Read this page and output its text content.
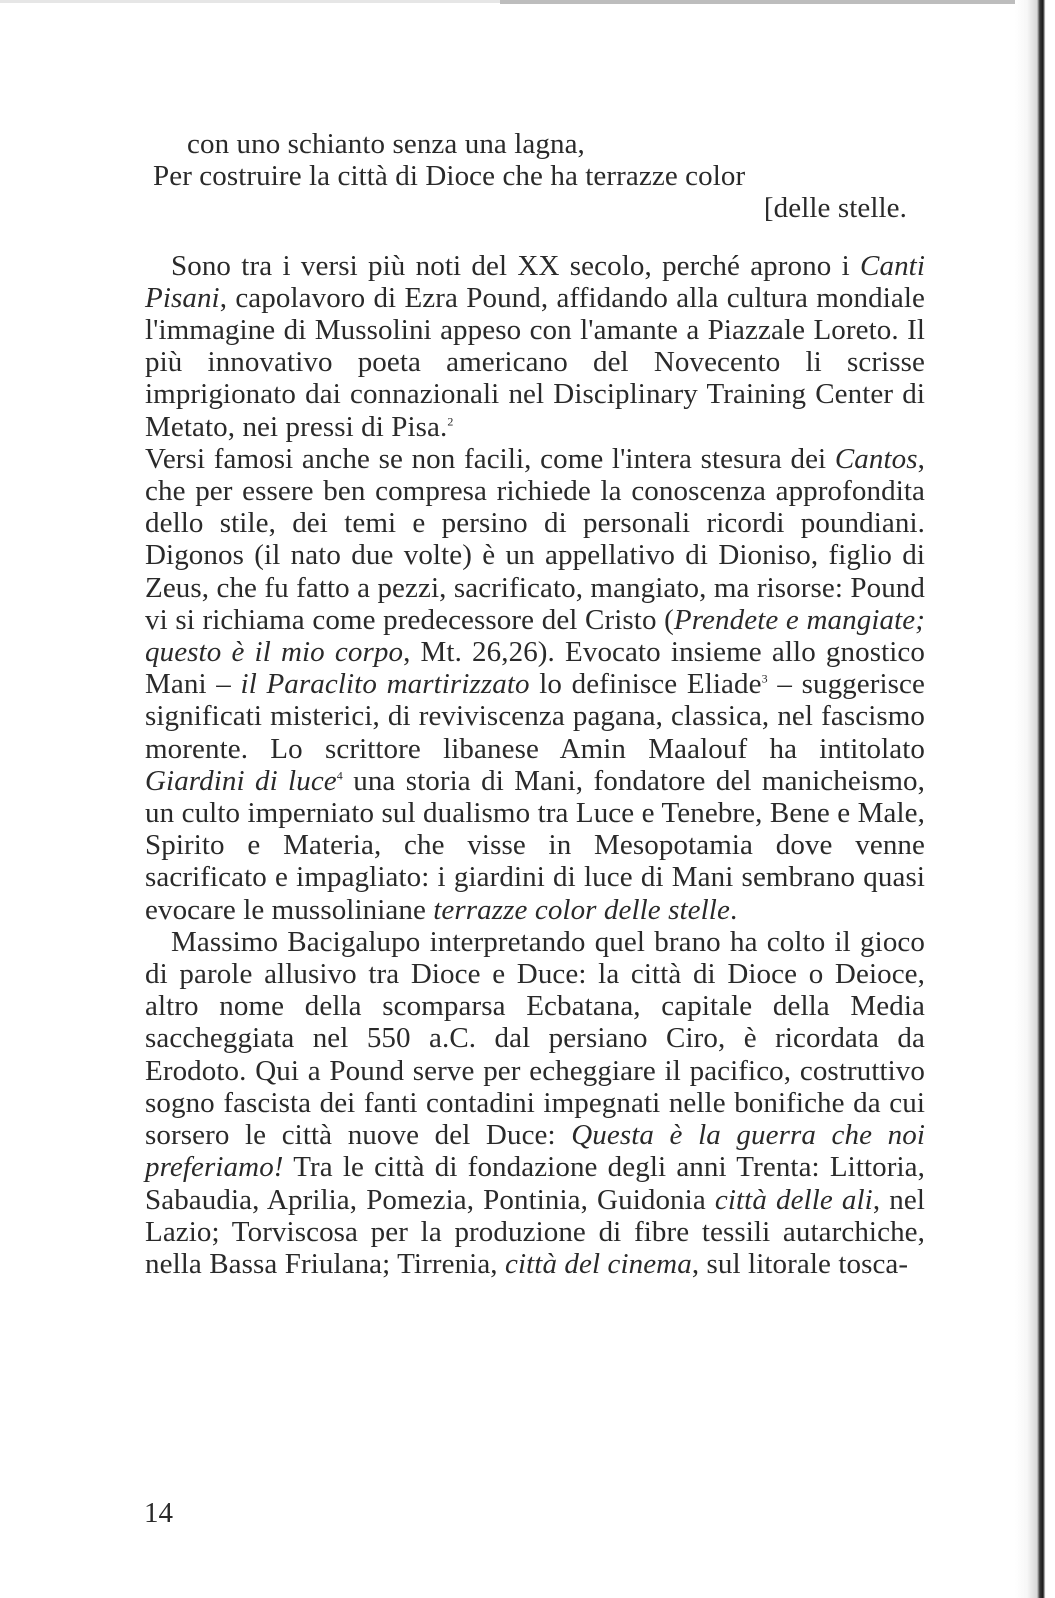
con uno schianto senza una lagna,
Per costruire la città di Dioce che ha terrazze color
[delle stelle.

Sono tra i versi più noti del XX secolo, perché aprono i Canti Pisani, capolavoro di Ezra Pound, affidando alla cultura mondiale l'immagine di Mussolini appeso con l'amante a Piazzale Loreto. Il più innovativo poeta americano del Novecento li scrisse imprigionato dai connazionali nel Disciplinary Training Center di Metato, nei pressi di Pisa.$^2$

Versi famosi anche se non facili, come l'intera stesura dei Cantos, che per essere ben compresa richiede la conoscenza approfondita dello stile, dei temi e persino di personali ricordi poundiani. Digonos (il nato due volte) è un appellativo di Dioniso, figlio di Zeus, che fu fatto a pezzi, sacrificato, mangiato, ma risorse: Pound vi si richiama come predecessore del Cristo (Prendete e mangiate; questo è il mio corpo, Mt. 26,26). Evocato insieme allo gnostico Mani – il Paraclito martirizzato lo definisce Eliade$^3$ – suggerisce significati misterici, di reviviscenza pagana, classica, nel fascismo morente. Lo scrittore libanese Amin Maalouf ha intitolato Giardini di luce$^4$ una storia di Mani, fondatore del manicheismo, un culto imperniato sul dualismo tra Luce e Tenebre, Bene e Male, Spirito e Materia, che visse in Mesopotamia dove venne sacrificato e impagliato: i giardini di luce di Mani sembrano quasi evocare le mussoliniane terrazze color delle stelle.

Massimo Bacigalupo interpretando quel brano ha colto il gioco di parole allusivo tra Dioce e Duce: la città di Dioce o Deioce, altro nome della scomparsa Ecbatana, capitale della Media saccheggiata nel 550 a.C. dal persiano Ciro, è ricordata da Erodoto. Qui a Pound serve per echeggiare il pacifico, costruttivo sogno fascista dei fanti contadini impegnati nelle bonifiche da cui sorsero le città nuove del Duce: Questa è la guerra che noi preferiamo! Tra le città di fondazione degli anni Trenta: Littoria, Sabaudia, Aprilia, Pomezia, Pontinia, Guidonia città delle ali, nel Lazio; Torviscosa per la produzione di fibre tessili autarchiche, nella Bassa Friulana; Tirrenia, città del cinema, sul litorale tosca-

14
